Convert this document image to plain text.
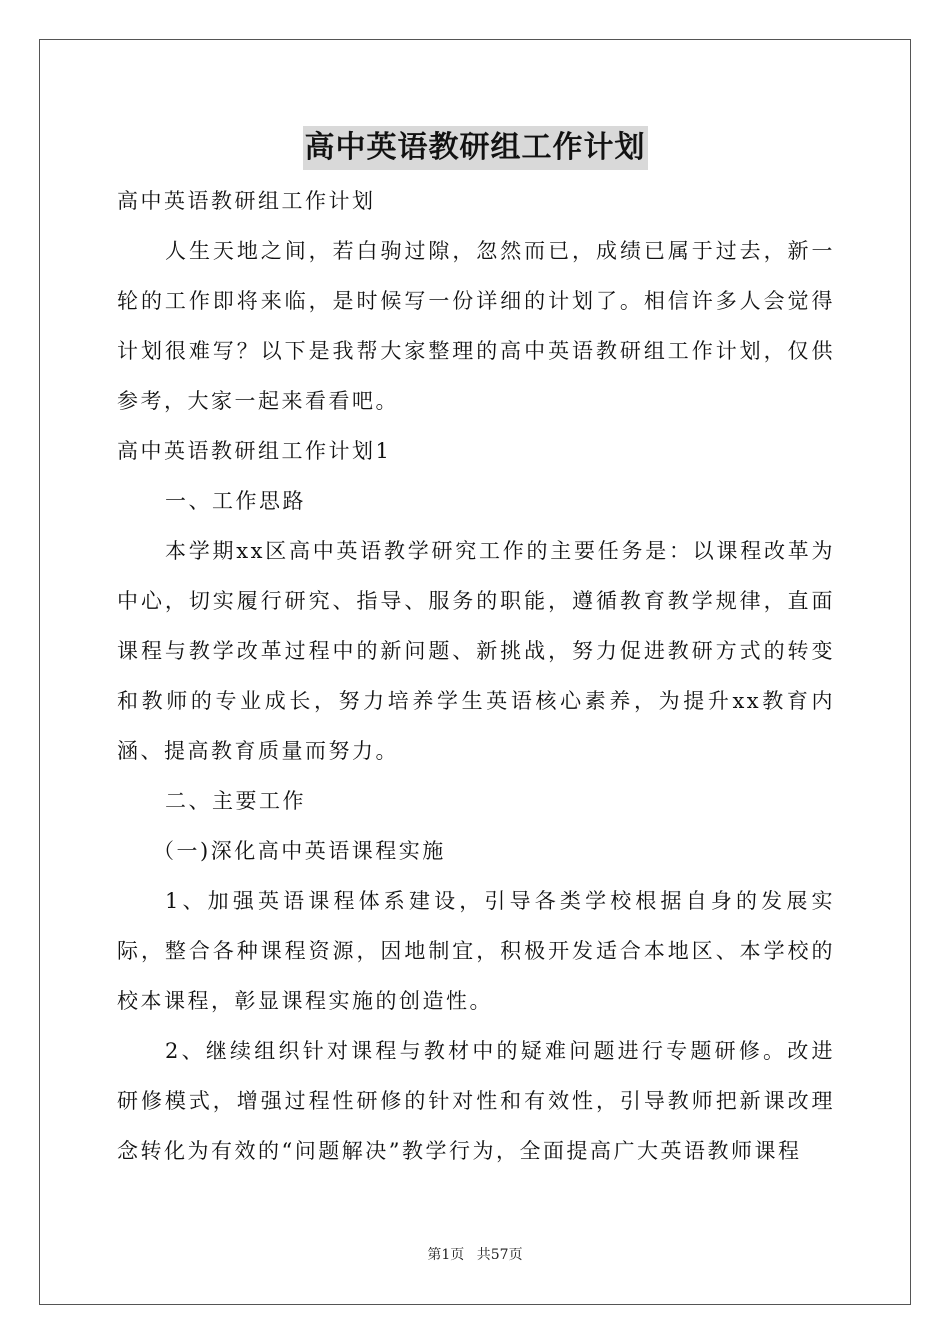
高中英语教研组工作计划

高中英语教研组工作计划

人生天地之间，若白驹过隙，忽然而已，成绩已属于过去，新一轮的工作即将来临，是时候写一份详细的计划了。相信许多人会觉得计划很难写？以下是我帮大家整理的高中英语教研组工作计划，仅供参考，大家一起来看看吧。

高中英语教研组工作计划1

一、工作思路

本学期xx区高中英语教学研究工作的主要任务是：以课程改革为中心，切实履行研究、指导、服务的职能，遵循教育教学规律，直面课程与教学改革过程中的新问题、新挑战，努力促进教研方式的转变和教师的专业成长，努力培养学生英语核心素养，为提升xx教育内涵、提高教育质量而努力。

二、主要工作

（一)深化高中英语课程实施

1、加强英语课程体系建设，引导各类学校根据自身的发展实际，整合各种课程资源，因地制宜，积极开发适合本地区、本学校的校本课程，彰显课程实施的创造性。

2、继续组织针对课程与教材中的疑难问题进行专题研修。改进研修模式，增强过程性研修的针对性和有效性，引导教师把新课改理念转化为有效的“问题解决”教学行为，全面提高广大英语教师课程

第1页 共57页
